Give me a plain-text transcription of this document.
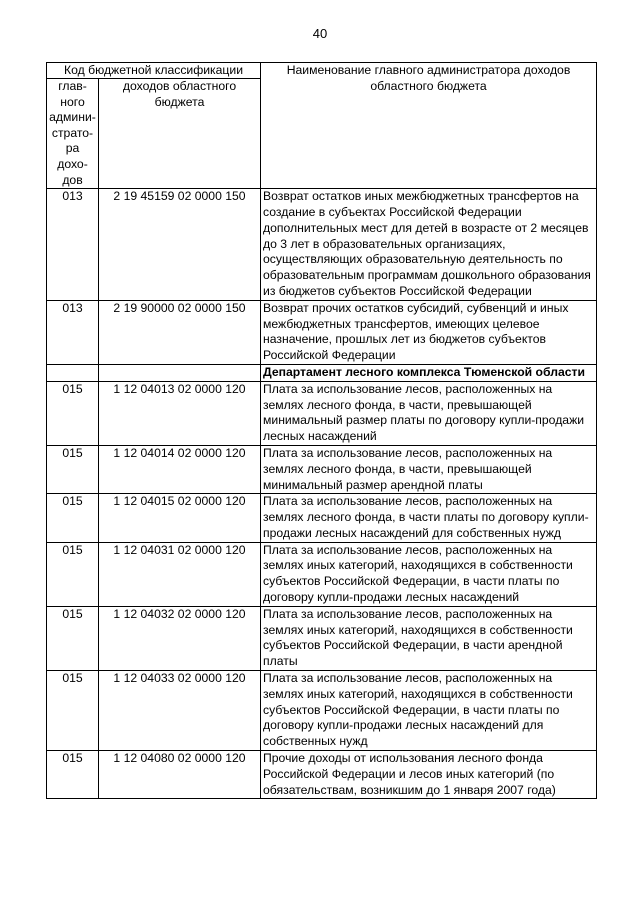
40
Код бюджетной классификации		Наименование главного администратора доходов областного бюджета
глав-ного админи-страто-ра дохо-дов	доходов областного бюджета	
013	2 19 45159 02 0000 150	Возврат остатков иных межбюджетных трансфертов на создание в субъектах Российской Федерации дополнительных мест для детей в возрасте от 2 месяцев до 3 лет в образовательных организациях, осуществляющих образовательную деятельность по образовательным программам дошкольного образования из бюджетов субъектов Российской Федерации
013	2 19 90000 02 0000 150	Возврат прочих остатков субсидий, субвенций и иных межбюджетных трансфертов, имеющих целевое назначение, прошлых лет из бюджетов субъектов Российской Федерации
		Департамент лесного комплекса Тюменской области
015	1 12 04013 02 0000 120	Плата за использование лесов, расположенных на землях лесного фонда, в части, превышающей минимальный размер платы по договору купли-продажи лесных насаждений
015	1 12 04014 02 0000 120	Плата за использование лесов, расположенных на землях лесного фонда, в части, превышающей минимальный размер арендной платы
015	1 12 04015 02 0000 120	Плата за использование лесов, расположенных на землях лесного фонда, в части платы по договору купли-продажи лесных насаждений для собственных нужд
015	1 12 04031 02 0000 120	Плата за использование лесов, расположенных на землях иных категорий, находящихся в собственности субъектов Российской Федерации, в части платы по договору купли-продажи лесных насаждений
015	1 12 04032 02 0000 120	Плата за использование лесов, расположенных на землях иных категорий, находящихся в собственности субъектов Российской Федерации, в части арендной платы
015	1 12 04033 02 0000 120	Плата за использование лесов, расположенных на землях иных категорий, находящихся в собственности субъектов Российской Федерации, в части платы по договору купли-продажи лесных насаждений для собственных нужд
015	1 12 04080 02 0000 120	Прочие доходы от использования лесного фонда Российской Федерации и лесов иных категорий (по обязательствам, возникшим до 1 января 2007 года)
